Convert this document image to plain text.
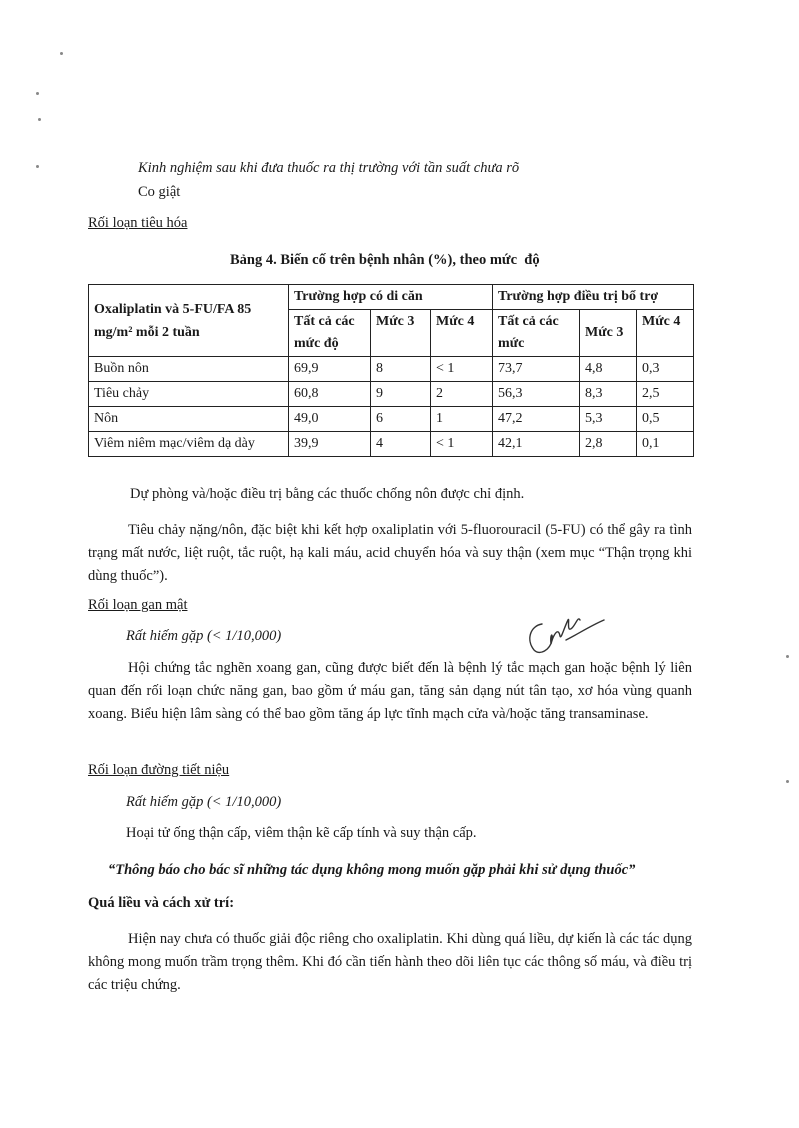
Kinh nghiệm sau khi đưa thuốc ra thị trường với tần suất chưa rõ
Co giật
Rối loạn tiêu hóa
Bảng 4. Biến cố trên bệnh nhân (%), theo mức  độ
Oxaliplatin và 5-FU/FA 85 mg/m² mỗi 2 tuần	Trường hợp có di căn			Trường hợp điều trị bổ trợ		
	Tất cả các mức độ	Mức 3	Mức 4	Tất cả các mức	Mức 3	Mức 4
Buồn nôn	69,9	8	< 1	73,7	4,8	0,3
Tiêu chảy	60,8	9	2	56,3	8,3	2,5
Nôn	49,0	6	1	47,2	5,3	0,5
Viêm niêm mạc/viêm dạ dày	39,9	4	< 1	42,1	2,8	0,1
Dự phòng và/hoặc điều trị bằng các thuốc chống nôn được chỉ định.
Tiêu chảy nặng/nôn, đặc biệt khi kết hợp oxaliplatin với 5-fluorouracil (5-FU) có thể gây ra tình trạng mất nước, liệt ruột, tắc ruột, hạ kali máu, acid chuyển hóa và suy thận (xem mục “Thận trọng khi dùng thuốc”).
Rối loạn gan mật
Rất hiếm gặp (< 1/10,000)
Hội chứng tắc nghẽn xoang gan, cũng được biết đến là bệnh lý tắc mạch gan hoặc bệnh lý liên quan đến rối loạn chức năng gan, bao gồm ứ máu gan, tăng sản dạng nút tân tạo, xơ hóa vùng quanh xoang. Biểu hiện lâm sàng có thể bao gồm tăng áp lực tĩnh mạch cửa và/hoặc tăng transaminase.
Rối loạn đường tiết niệu
Rất hiếm gặp (< 1/10,000)
Hoại tử ống thận cấp, viêm thận kẽ cấp tính và suy thận cấp.
“Thông báo cho bác sĩ những tác dụng không mong muốn gặp phải khi sử dụng thuốc”
Quá liều và cách xử trí:
Hiện nay chưa có thuốc giải độc riêng cho oxaliplatin. Khi dùng quá liều, dự kiến là các tác dụng không mong muốn trầm trọng thêm. Khi đó cần tiến hành theo dõi liên tục các thông số máu, và điều trị các triệu chứng.
